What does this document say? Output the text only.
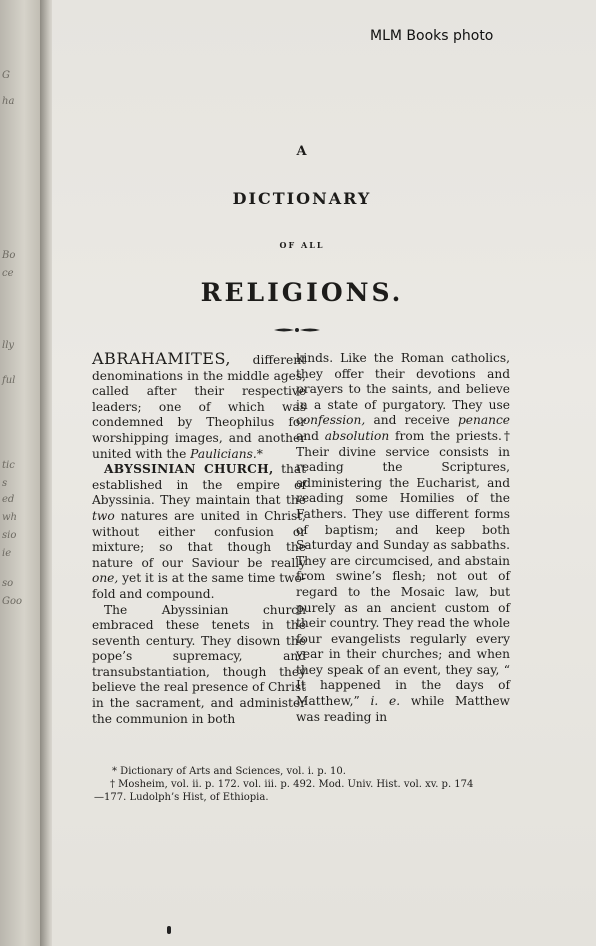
G
ha
Bo
ce
lly
ful
tic
s
ed
wh
sio
ie
so
Goo
MLM Books photo
A
DICTIONARY
OF ALL
RELIGIONS.

ABRAHAMITES, different denominations in the middle ages, called after their respective leaders; one of which was condemned by Theophilus for worshipping images, and another united with the Paulicians.*

ABYSSINIAN CHURCH, that established in the empire of Abyssinia. They maintain that the two natures are united in Christ, without either confusion or mixture; so that though the nature of our Saviour be really one, yet it is at the same time two-fold and compound.

The Abyssinian church embraced these tenets in the seventh century. They disown the pope’s supremacy, and transubstantiation, though they believe the real presence of Christ in the sacrament, and administer the communion in both

kinds. Like the Roman catholics, they offer their devotions and prayers to the saints, and believe in a state of purgatory. They use confession, and receive penance and absolution from the priests.† Their divine service consists in reading the Scriptures, administering the Eucharist, and reading some Homilies of the Fathers. They use different forms of baptism; and keep both Saturday and Sunday as sabbaths. They are circumcised, and abstain from swine’s flesh; not out of regard to the Mosaic law, but purely as an ancient custom of their country. They read the whole four evangelists regularly every year in their churches; and when they speak of an event, they say, “ It happened in the days of Matthew,” i. e. while Matthew was reading in

* Dictionary of Arts and Sciences, vol. i. p. 10.
† Mosheim, vol. ii. p. 172. vol. iii. p. 492. Mod. Univ. Hist. vol. xv. p. 174
—177. Ludolph’s Hist, of Ethiopia.
